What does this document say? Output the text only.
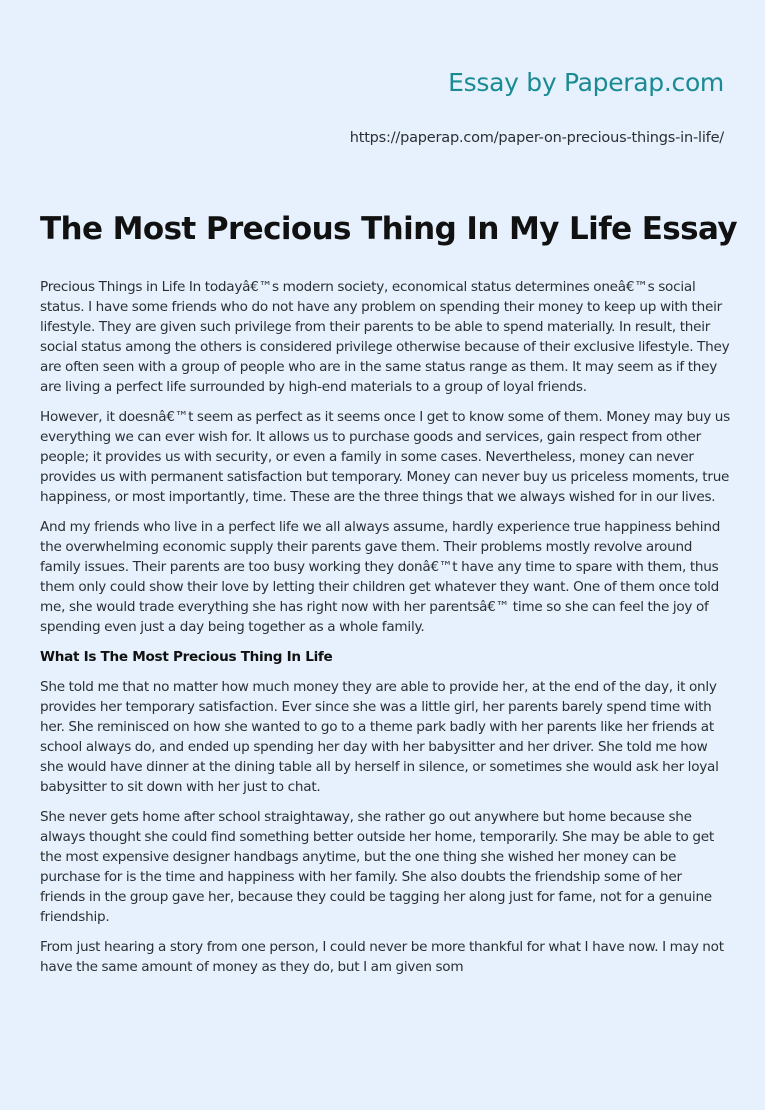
Essay by Paperap.com
https://paperap.com/paper-on-precious-things-in-life/
The Most Precious Thing In My Life Essay

Precious Things in Life In todayâ€™s modern society, economical status determines oneâ€™s social status. I have some friends who do not have any problem on spending their money to keep up with their lifestyle. They are given such privilege from their parents to be able to spend materially. In result, their social status among the others is considered privilege otherwise because of their exclusive lifestyle. They are often seen with a group of people who are in the same status range as them. It may seem as if they are living a perfect life surrounded by high-end materials to a group of loyal friends.

However, it doesnâ€™t seem as perfect as it seems once I get to know some of them. Money may buy us everything we can ever wish for. It allows us to purchase goods and services, gain respect from other people; it provides us with security, or even a family in some cases. Nevertheless, money can never provides us with permanent satisfaction but temporary. Money can never buy us priceless moments, true happiness, or most importantly, time. These are the three things that we always wished for in our lives.

And my friends who live in a perfect life we all always assume, hardly experience true happiness behind the overwhelming economic supply their parents gave them. Their problems mostly revolve around family issues. Their parents are too busy working they donâ€™t have any time to spare with them, thus them only could show their love by letting their children get whatever they want. One of them once told me, she would trade everything she has right now with her parentsâ€™ time so she can feel the joy of spending even just a day being together as a whole family.

What Is The Most Precious Thing In Life

She told me that no matter how much money they are able to provide her, at the end of the day, it only provides her temporary satisfaction. Ever since she was a little girl, her parents barely spend time with her. She reminisced on how she wanted to go to a theme park badly with her parents like her friends at school always do, and ended up spending her day with her babysitter and her driver. She told me how she would have dinner at the dining table all by herself in silence, or sometimes she would ask her loyal babysitter to sit down with her just to chat.

She never gets home after school straightaway, she rather go out anywhere but home because she always thought she could find something better outside her home, temporarily. She may be able to get the most expensive designer handbags anytime, but the one thing she wished her money can be purchase for is the time and happiness with her family. She also doubts the friendship some of her friends in the group gave her, because they could be tagging her along just for fame, not for a genuine friendship.

From just hearing a story from one person, I could never be more thankful for what I have now. I may not have the same amount of money as they do, but I am given som
